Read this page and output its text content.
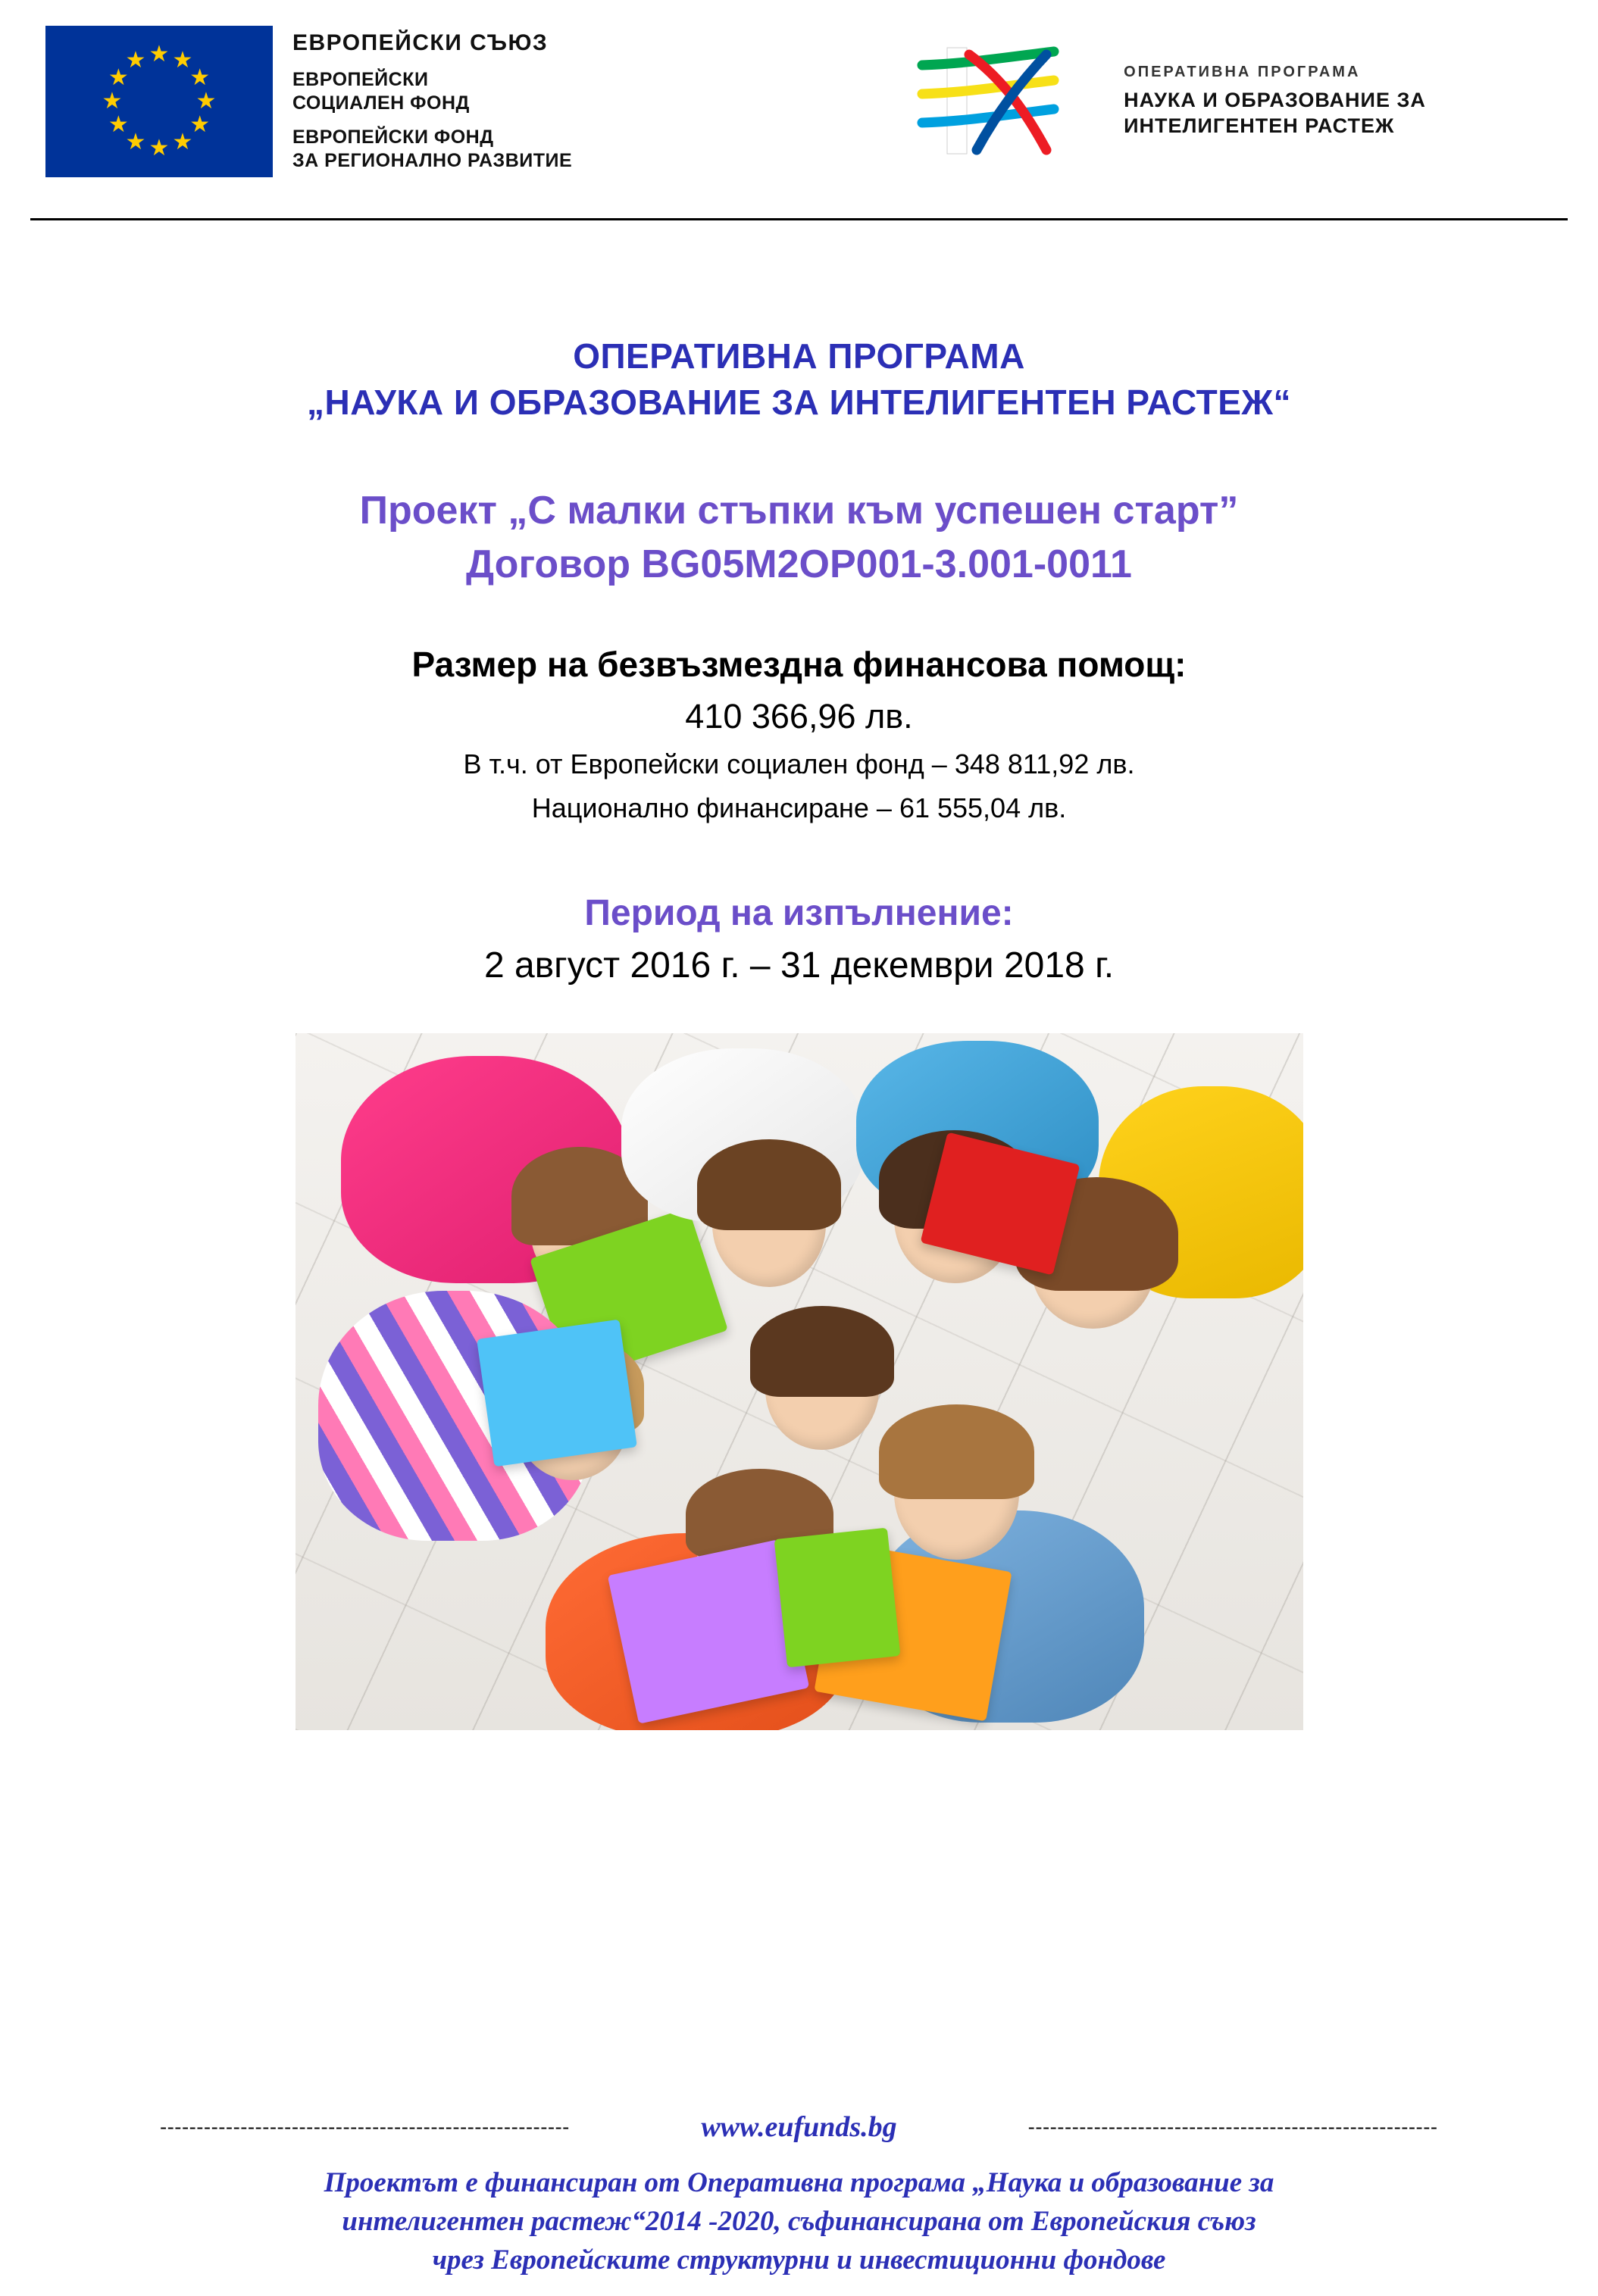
★ ★
★
★
★
★
★
★
★
★
★
★
ЕВРОПЕЙСКИ СЪЮЗ
ЕВРОПЕЙСКИ
СОЦИАЛЕН ФОНД
ЕВРОПЕЙСКИ ФОНД
ЗА РЕГИОНАЛНО РАЗВИТИЕ
ОПЕРАТИВНА ПРОГРАМА
НАУКА И ОБРАЗОВАНИЕ ЗА
ИНТЕЛИГЕНТЕН РАСТЕЖ
ОПЕРАТИВНА ПРОГРАМА
„НАУКА И ОБРАЗОВАНИЕ ЗА ИНТЕЛИГЕНТЕН РАСТЕЖ“
Проект „С малки стъпки към успешен старт”
Договор BG05M2OP001-3.001-0011
Размер на безвъзмездна финансова помощ:
410 366,96 лв.
В т.ч. от Европейски социален фонд – 348 811,92 лв.
Национално финансиране – 61 555,04 лв.
Период на изпълнение:
2 август 2016 г. – 31 декември 2018 г.
--------------------------------------------------------	www.eufunds.bg	--------------------------------------------------------
Проектът е финансиран от Оперативна програма „Наука и образование за
интелигентен растеж“2014 -2020, съфинансирана от Европейския съюз
чрез Европейските структурни и инвестиционни фондове
